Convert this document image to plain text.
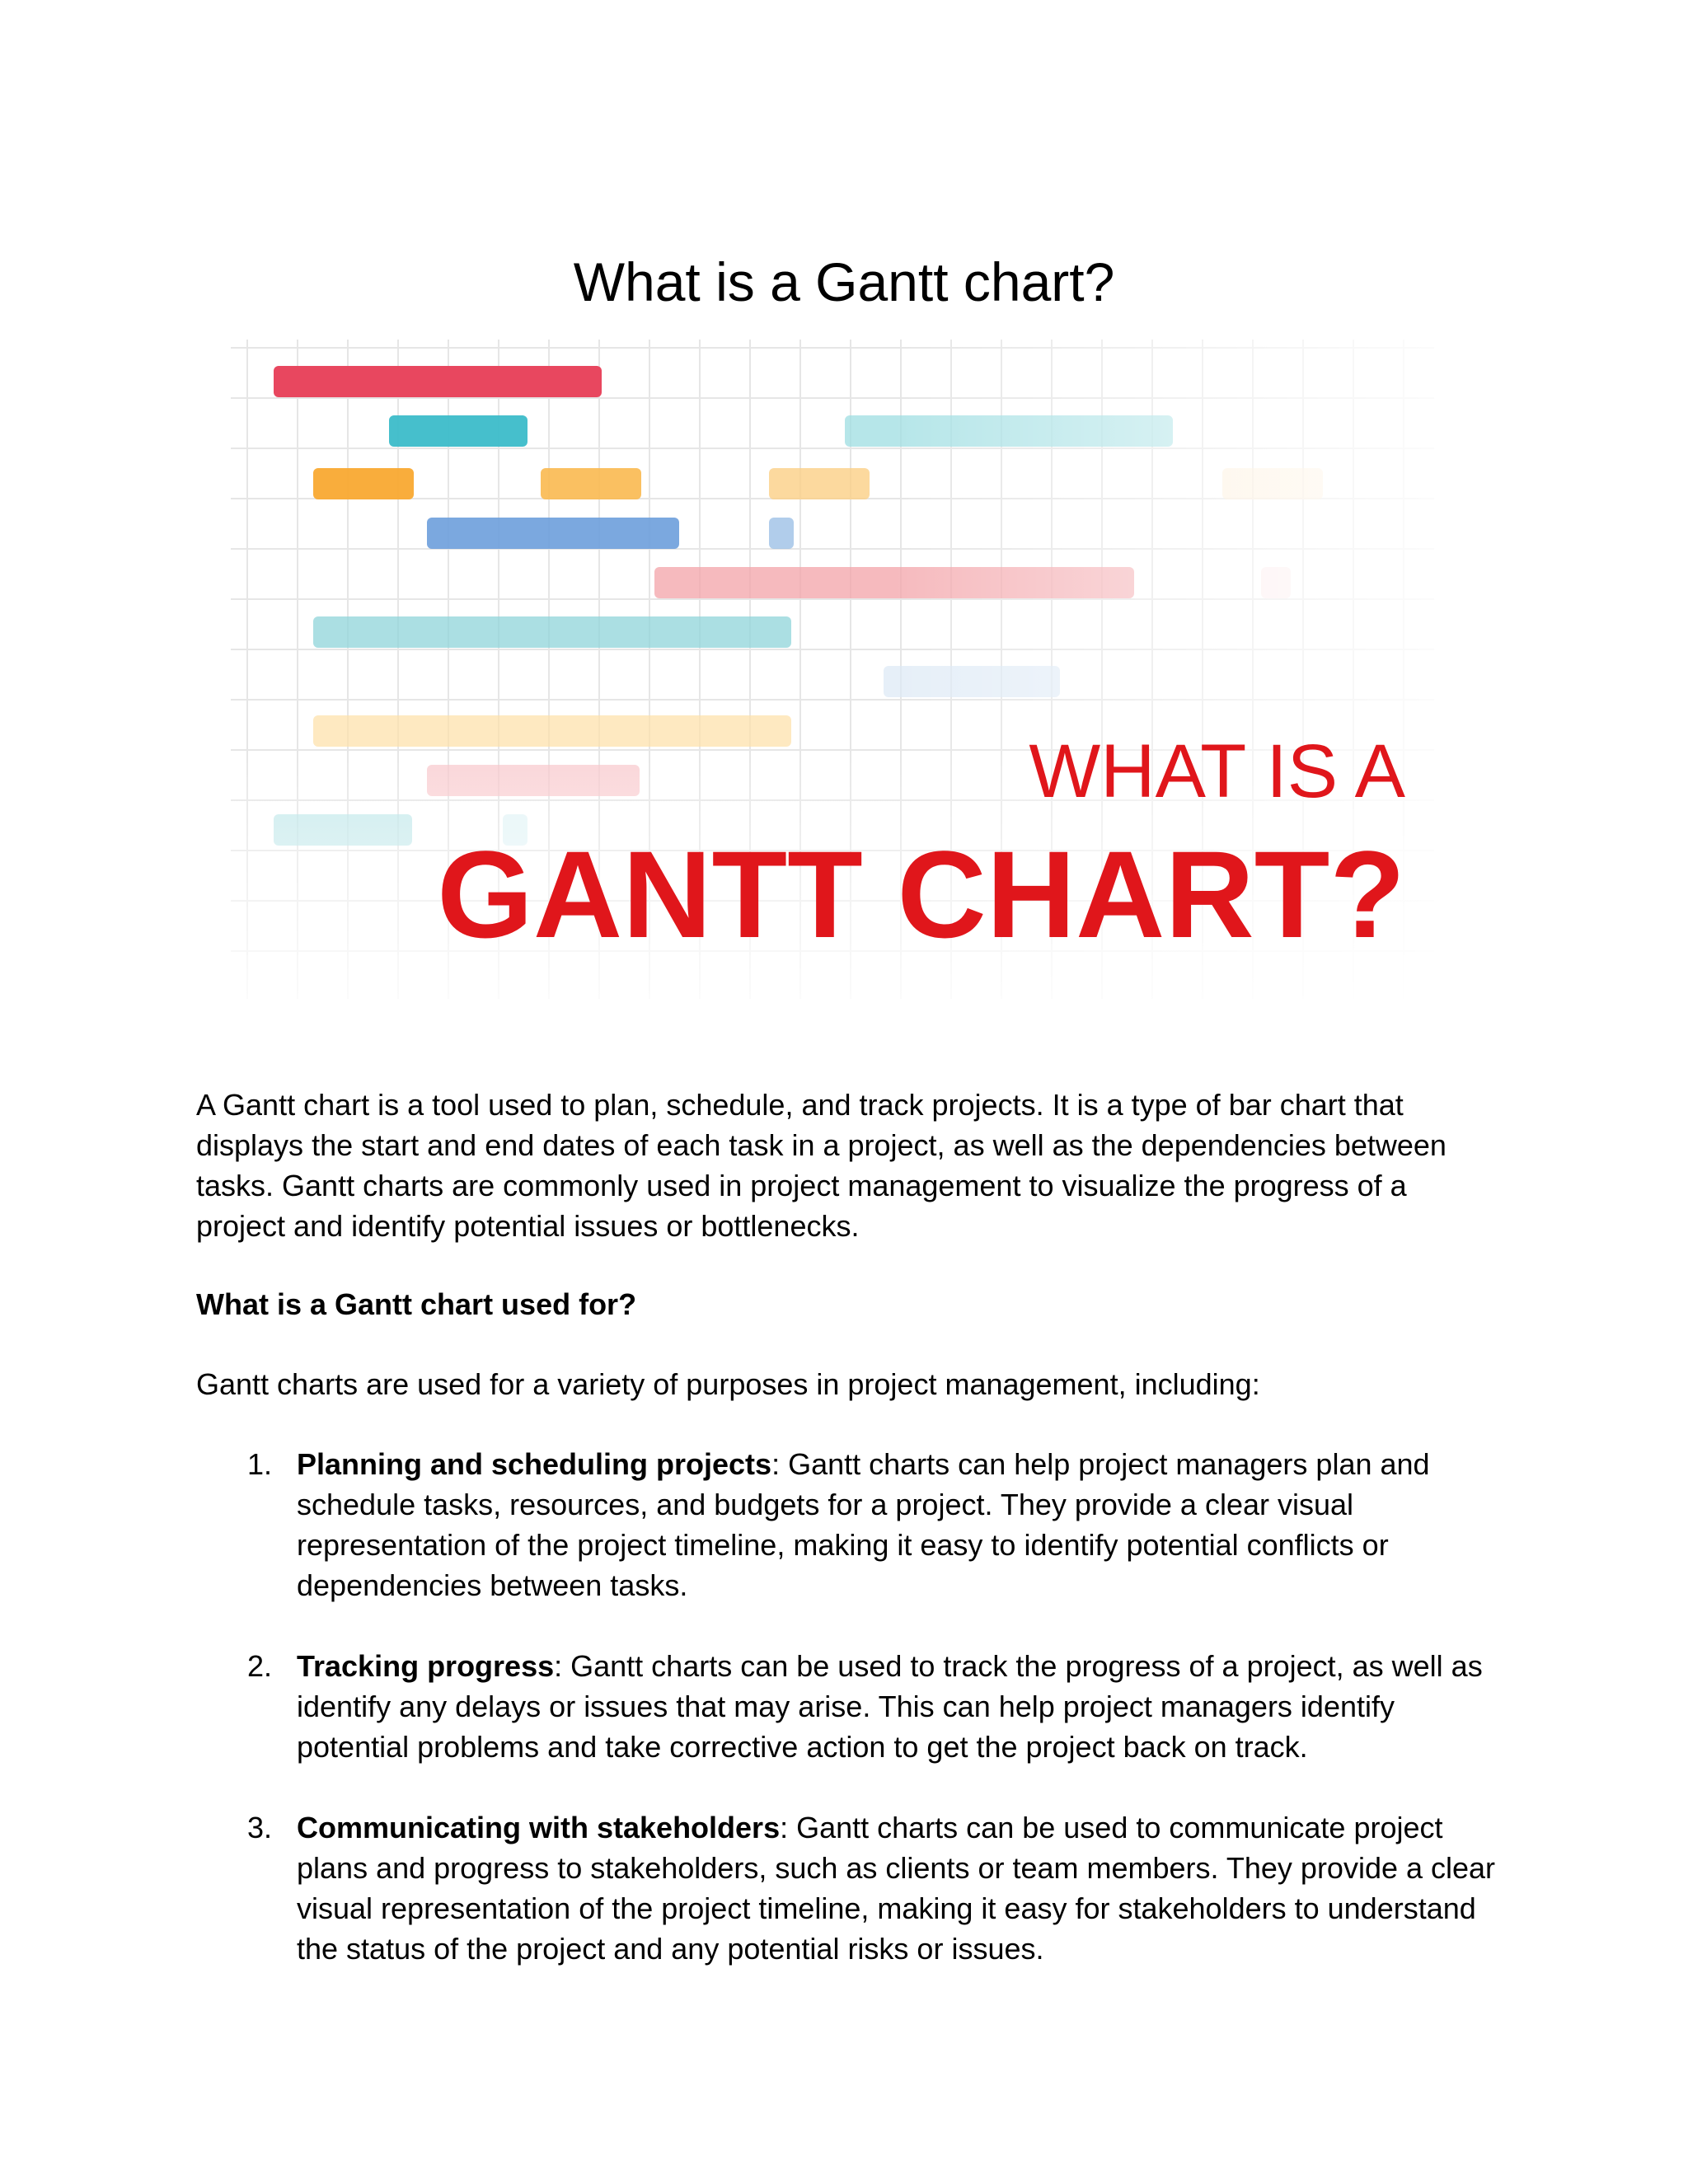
What is a Gantt chart?
WHAT IS A
GANTT CHART?

A Gantt chart is a tool used to plan, schedule, and track projects. It is a type of bar chart that displays the start and end dates of each task in a project, as well as the dependencies between tasks. Gantt charts are commonly used in project management to visualize the progress of a project and identify potential issues or bottlenecks.

What is a Gantt chart used for?

Gantt charts are used for a variety of purposes in project management, including:

1. Planning and scheduling projects: Gantt charts can help project managers plan and schedule tasks, resources, and budgets for a project. They provide a clear visual representation of the project timeline, making it easy to identify potential conflicts or dependencies between tasks.
2. Tracking progress: Gantt charts can be used to track the progress of a project, as well as identify any delays or issues that may arise. This can help project managers identify potential problems and take corrective action to get the project back on track.
3. Communicating with stakeholders: Gantt charts can be used to communicate project plans and progress to stakeholders, such as clients or team members. They provide a clear visual representation of the project timeline, making it easy for stakeholders to understand the status of the project and any potential risks or issues.
